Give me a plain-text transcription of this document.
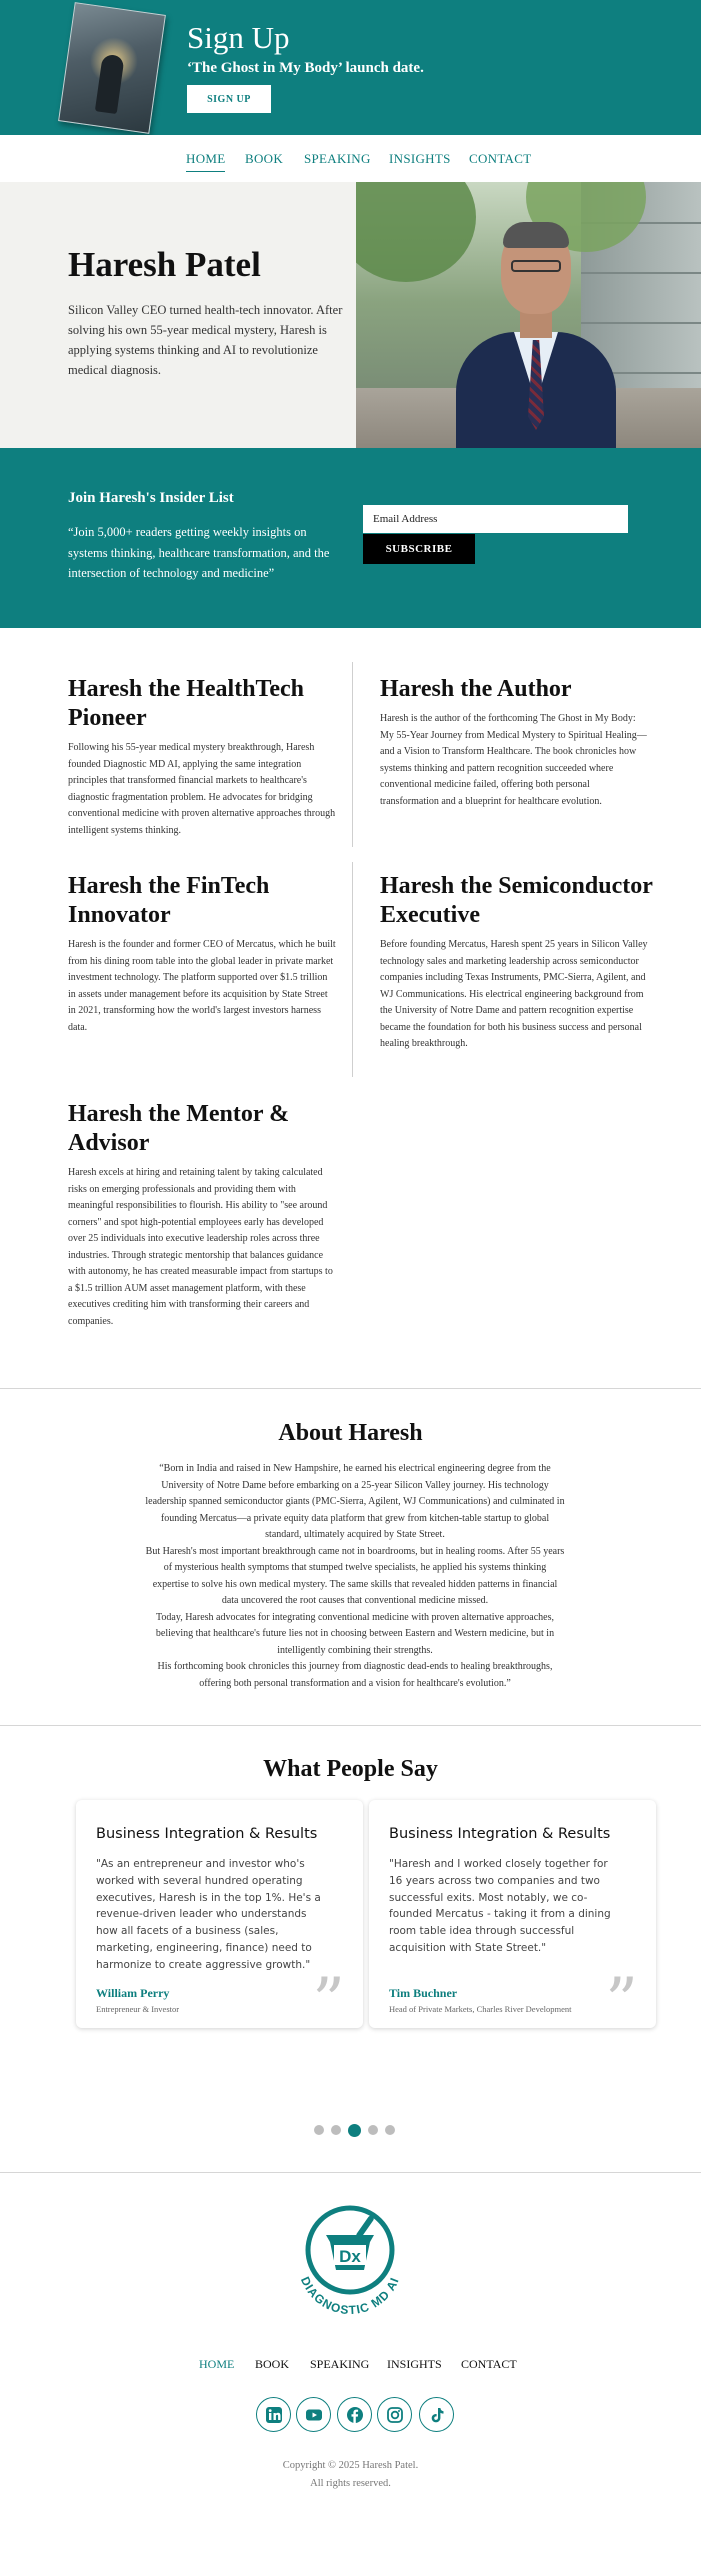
Sign Up
‘The Ghost in My Body’ launch date.
SIGN UP
HOME BOOK SPEAKING INSIGHTS CONTACT
Haresh Patel

Silicon Valley CEO turned health-tech innovator. After solving his own 55-year medical mystery, Haresh is applying systems thinking and AI to revolutionize medical diagnosis.

Join Haresh's Insider List

“Join 5,000+ readers getting weekly insights on systems thinking, healthcare transformation, and the intersection of technology and medicine”

Email Address
SUBSCRIBE
Haresh the HealthTech Pioneer

Following his 55-year medical mystery breakthrough, Haresh founded Diagnostic MD AI, applying the same integration principles that transformed financial markets to healthcare's diagnostic fragmentation problem. He advocates for bridging conventional medicine with proven alternative approaches through intelligent systems thinking.

Haresh the Author

Haresh is the author of the forthcoming The Ghost in My Body: My 55-Year Journey from Medical Mystery to Spiritual Healing—and a Vision to Transform Healthcare. The book chronicles how systems thinking and pattern recognition succeeded where conventional medicine failed, offering both personal transformation and a blueprint for healthcare evolution.

Haresh the FinTech Innovator

Haresh is the founder and former CEO of Mercatus, which he built from his dining room table into the global leader in private market investment technology. The platform supported over $1.5 trillion in assets under management before its acquisition by State Street in 2021, transforming how the world's largest investors harness data.

Haresh the Semiconductor Executive

Before founding Mercatus, Haresh spent 25 years in Silicon Valley technology sales and marketing leadership across semiconductor companies including Texas Instruments, PMC-Sierra, Agilent, and WJ Communications. His electrical engineering background from the University of Notre Dame and pattern recognition expertise became the foundation for both his business success and personal healing breakthrough.

Haresh the Mentor & Advisor

Haresh excels at hiring and retaining talent by taking calculated risks on emerging professionals and providing them with meaningful responsibilities to flourish. His ability to "see around corners" and spot high-potential employees early has developed over 25 individuals into executive leadership roles across three industries. Through strategic mentorship that balances guidance with autonomy, he has created measurable impact from startups to a $1.5 trillion AUM asset management platform, with these executives crediting him with transforming their careers and companies.

About Haresh

“Born in India and raised in New Hampshire, he earned his electrical engineering degree from the University of Notre Dame before embarking on a 25-year Silicon Valley journey. His technology leadership spanned semiconductor giants (PMC-Sierra, Agilent, WJ Communications) and culminated in founding Mercatus—a private equity data platform that grew from kitchen-table startup to global standard, ultimately acquired by State Street.

But Haresh's most important breakthrough came not in boardrooms, but in healing rooms. After 55 years of mysterious health symptoms that stumped twelve specialists, he applied his systems thinking expertise to solve his own medical mystery. The same skills that revealed hidden patterns in financial data uncovered the root causes that conventional medicine missed.

Today, Haresh advocates for integrating conventional medicine with proven alternative approaches, believing that healthcare's future lies not in choosing between Eastern and Western medicine, but in intelligently combining their strengths.

His forthcoming book chronicles this journey from diagnostic dead-ends to healing breakthroughs, offering both personal transformation and a vision for healthcare's evolution.”

What People Say
Business Integration & Results
"As an entrepreneur and investor who's worked with several hundred operating executives, Haresh is in the top 1%. He's a revenue-driven leader who understands how all facets of a business (sales, marketing, engineering, finance) need to harmonize to create aggressive growth."
William Perry
Entrepreneur & Investor ”
Business Integration & Results
"Haresh and I worked closely together for 16 years across two companies and two successful exits. Most notably, we co-founded Mercatus - taking it from a dining room table idea through successful acquisition with State Street."
Tim Buchner
Head of Private Markets, Charles River Development ”
Dx
DIAGNOSTIC MD AI
HOME BOOK SPEAKING INSIGHTS CONTACT
Copyright © 2025 Haresh Patel.
All rights reserved.
